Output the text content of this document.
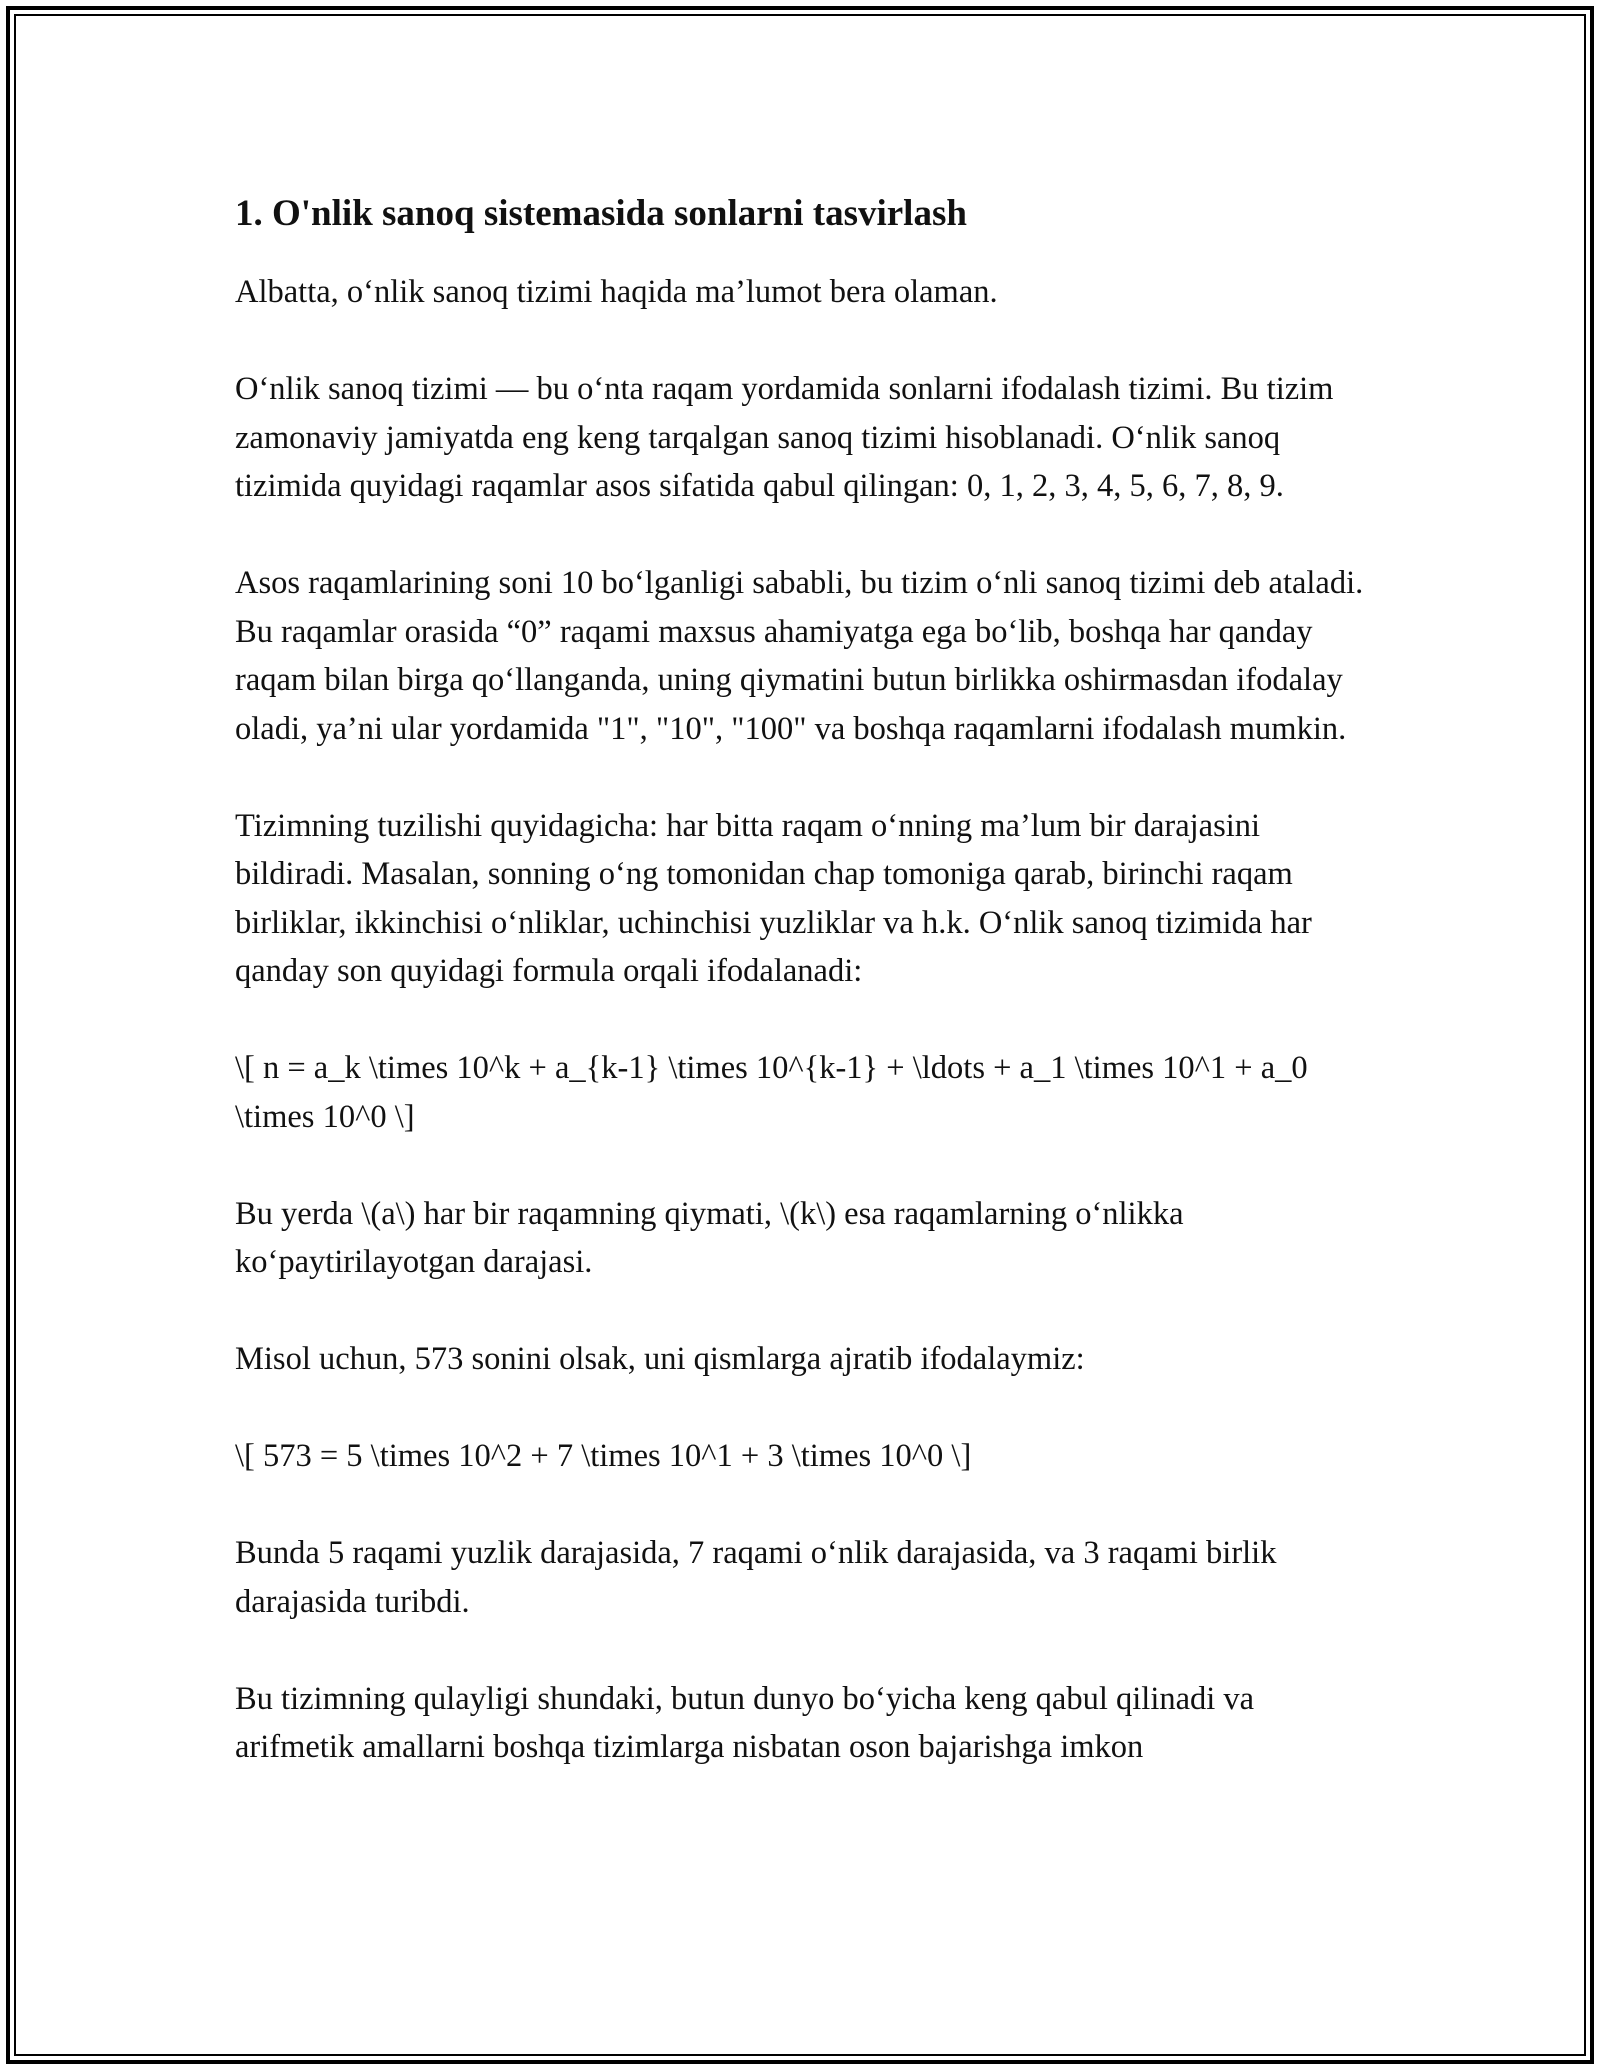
1. O'nlik sanoq sistemasida sonlarni tasvirlash

Albatta, o‘nlik sanoq tizimi haqida ma’lumot bera olaman.

O‘nlik sanoq tizimi — bu o‘nta raqam yordamida sonlarni ifodalash tizimi. Bu tizim zamonaviy jamiyatda eng keng tarqalgan sanoq tizimi hisoblanadi. O‘nlik sanoq tizimida quyidagi raqamlar asos sifatida qabul qilingan: 0, 1, 2, 3, 4, 5, 6, 7, 8, 9.

Asos raqamlarining soni 10 bo‘lganligi sababli, bu tizim o‘nli sanoq tizimi deb ataladi. Bu raqamlar orasida “0” raqami maxsus ahamiyatga ega bo‘lib, boshqa har qanday raqam bilan birga qo‘llanganda, uning qiymatini butun birlikka oshirmasdan ifodalay oladi, ya’ni ular yordamida "1", "10", "100" va boshqa raqamlarni ifodalash mumkin.

Tizimning tuzilishi quyidagicha: har bitta raqam o‘nning ma’lum bir darajasini bildiradi. Masalan, sonning o‘ng tomonidan chap tomoniga qarab, birinchi raqam birliklar, ikkinchisi o‘nliklar, uchinchisi yuzliklar va h.k. O‘nlik sanoq tizimida har qanday son quyidagi formula orqali ifodalanadi:

\[ n = a_k \times 10^k + a_{k-1} \times 10^{k-1} + \ldots + a_1 \times 10^1 + a_0 \times 10^0 \]

Bu yerda \(a\) har bir raqamning qiymati, \(k\) esa raqamlarning o‘nlikka ko‘paytirilayotgan darajasi.

Misol uchun, 573 sonini olsak, uni qismlarga ajratib ifodalaymiz:

\[ 573 = 5 \times 10^2 + 7 \times 10^1 + 3 \times 10^0 \]

Bunda 5 raqami yuzlik darajasida, 7 raqami o‘nlik darajasida, va 3 raqami birlik darajasida turibdi.

Bu tizimning qulayligi shundaki, butun dunyo bo‘yicha keng qabul qilinadi va arifmetik amallarni boshqa tizimlarga nisbatan oson bajarishga imkon
